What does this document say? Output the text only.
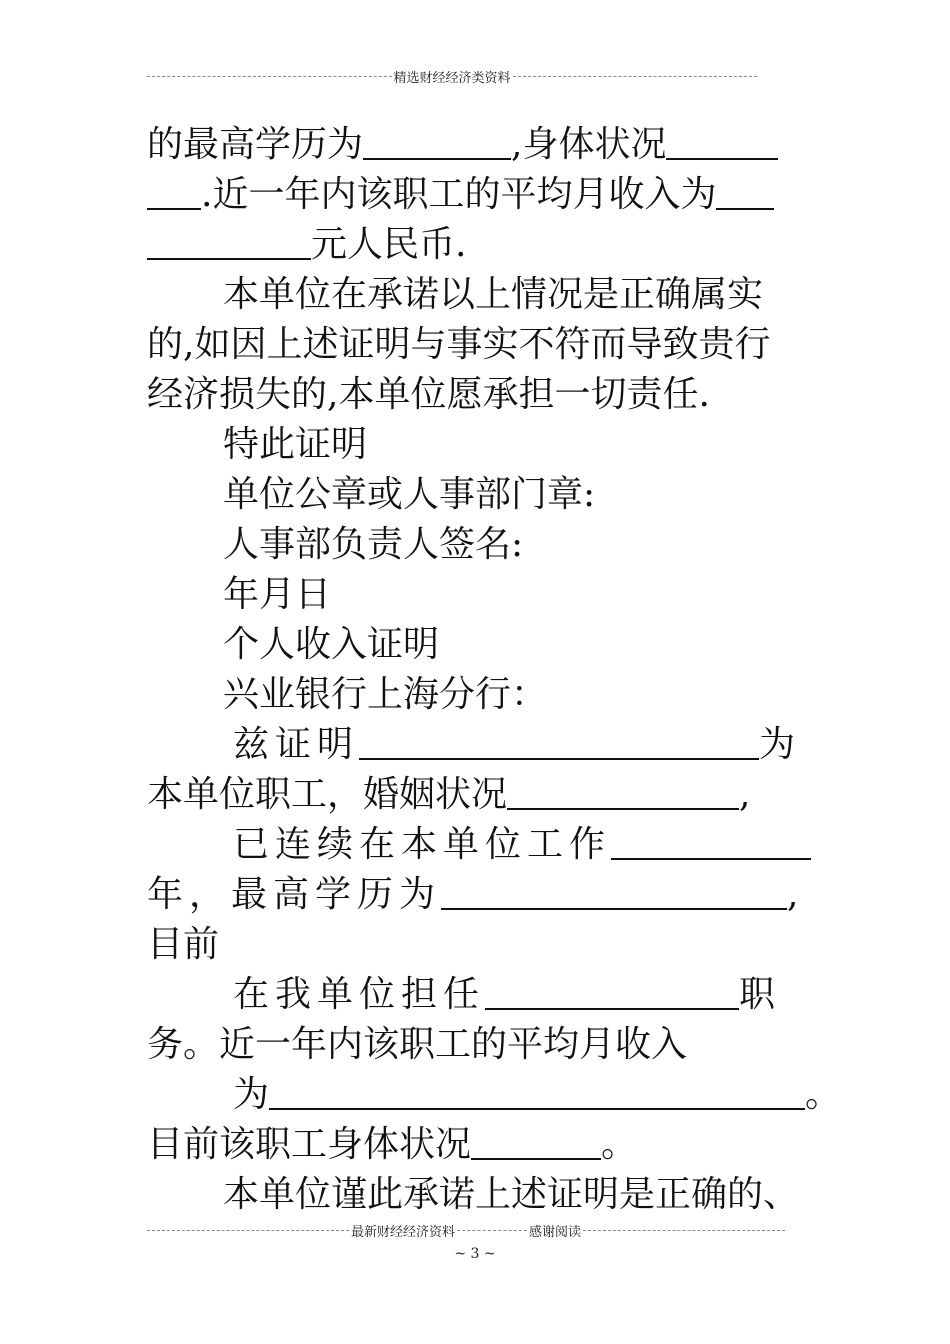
精选财经经济类资料
的最高学历为	,身体状况
.近一年内该职工的平均月收入为
元人民币.
本单位在承诺以上情况是正确属实
的,如因上述证明与事实不符而导致贵行
经济损失的,本单位愿承担一切责任.
特此证明
单位公章或人事部门章:
人事部负责人签名:
年月日
个人收入证明
兴业银行上海分行：
兹证明	为
本单位职工，婚姻状况	,
已连续在本单位工作
年，最高学历为	,
目前
在我单位担任	职
务。近一年内该职工的平均月收入
为	。
目前该职工身体状况	。
本单位谨此承诺上述证明是正确的、
最新财经经济资料	感谢阅读
~ 3 ~
